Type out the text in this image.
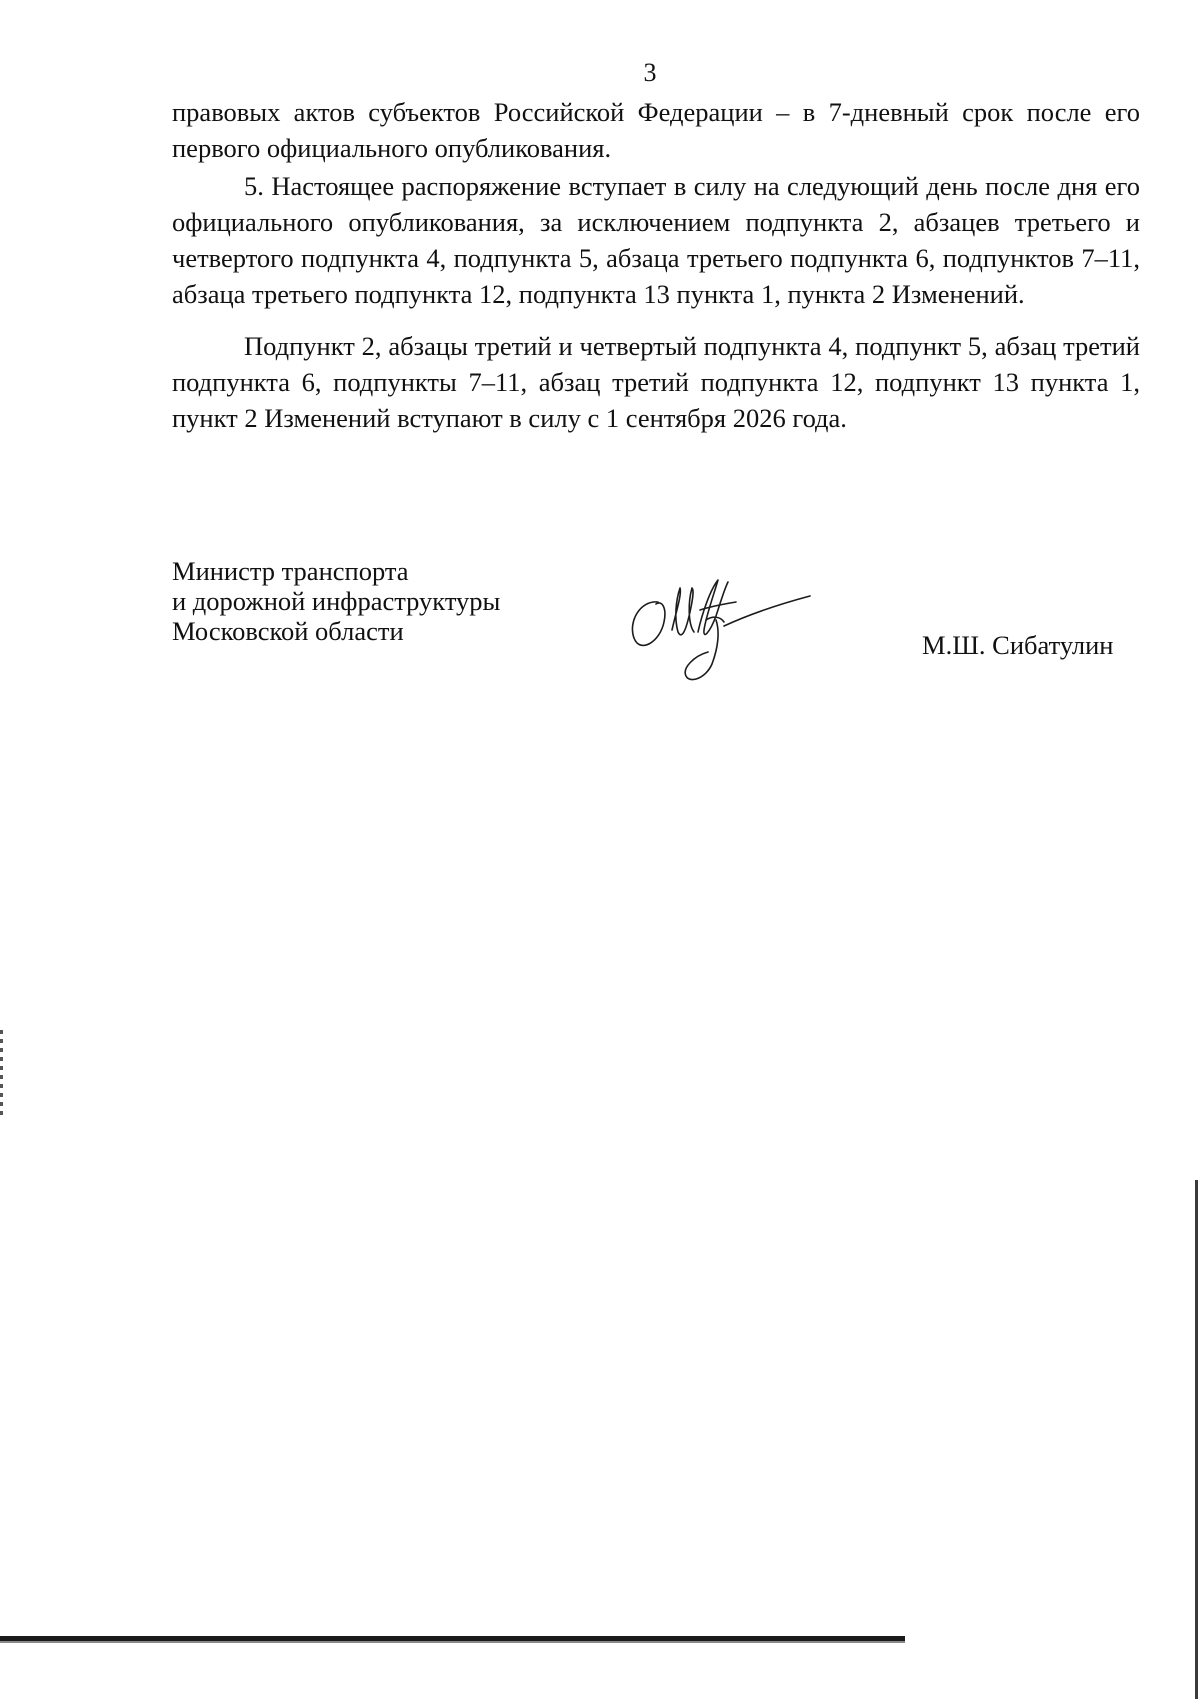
3

правовых актов субъектов Российской Федерации – в 7-дневный срок после его первого официального опубликования.

5. Настоящее распоряжение вступает в силу на следующий день после дня его официального опубликования, за исключением подпункта 2, абзацев третьего и четвертого подпункта 4, подпункта 5, абзаца третьего подпункта 6, подпунктов 7–11, абзаца третьего подпункта 12, подпункта 13 пункта 1, пункта 2 Изменений.

Подпункт 2, абзацы третий и четвертый подпункта 4, подпункт 5, абзац третий подпункта 6, подпункты 7–11, абзац третий подпункта 12, подпункт 13 пункта 1, пункт 2 Изменений вступают в силу с 1 сентября 2026 года.

Министр транспорта
и дорожной инфраструктуры
Московской области	М.Ш. Сибатулин
